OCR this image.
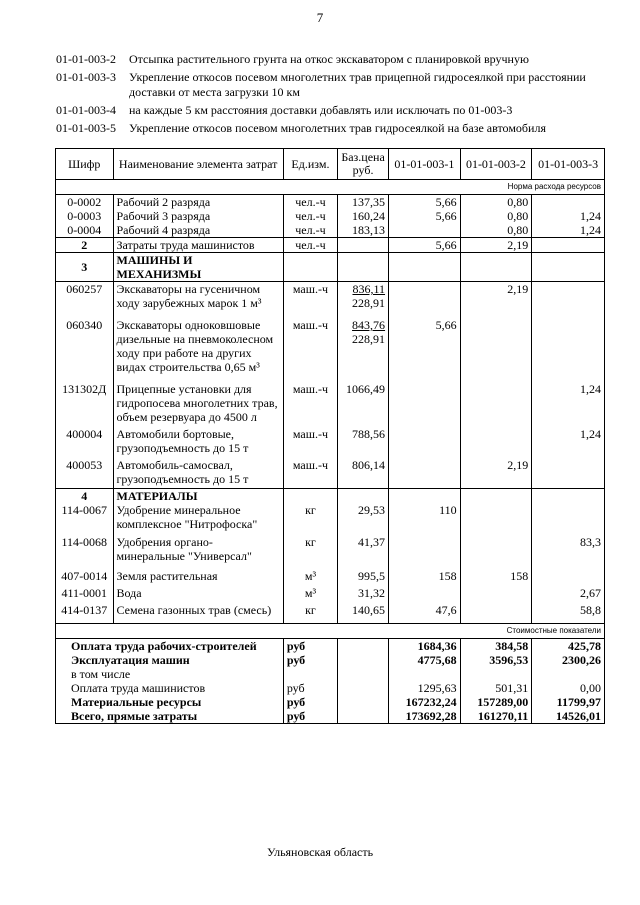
7
01-01-003-2	Отсыпка растительного грунта на откос экскаватором с планировкой вручную
01-01-003-3	Укрепление откосов посевом многолетних трав прицепной гидросеялкой при расстоянии доставки от места загрузки 10 км
01-01-003-4	на каждые 5 км расстояния доставки добавлять или исключать по 01-003-3
01-01-003-5	Укрепление откосов посевом многолетних трав гидросеялкой на базе автомобиля
Шифр	Наименование элемента затрат	Ед.изм.	Баз.цена руб.	01-01-003-1	01-01-003-2	01-01-003-3
Норма расхода ресурсов						
0-0002	Рабочий 2 разряда	чел.-ч	137,35	5,66	0,80	
0-0003	Рабочий 3 разряда	чел.-ч	160,24	5,66	0,80	1,24
0-0004	Рабочий 4 разряда	чел.-ч	183,13		0,80	1,24
2	Затраты труда машинистов	чел.-ч		5,66	2,19	
3	МАШИНЫ И МЕХАНИЗМЫ					
060257	Экскаваторы на гусеничном ходу зарубежных марок 1 м³	маш.-ч	836,11
228,91		2,19	
060340	Экскаваторы одноковшовые дизельные на пневмоколесном ходу при работе на других видах строительства 0,65 м³	маш.-ч	843,76
228,91	5,66		
131302Д	Прицепные установки для гидропосева многолетних трав, объем резервуара до 4500 л	маш.-ч	1066,49			1,24
400004	Автомобили бортовые, грузоподъемность до 15 т	маш.-ч	788,56			1,24
400053	Автомобиль-самосвал, грузоподъемность до 15 т	маш.-ч	806,14		2,19	
4	МАТЕРИАЛЫ					
114-0067	Удобрение минеральное комплексное "Нитрофоска"	кг	29,53	110		
114-0068	Удобрения органо-минеральные "Универсал"	кг	41,37			83,3
407-0014	Земля растительная	м³	995,5	158	158	
411-0001	Вода	м³	31,32			2,67
414-0137	Семена газонных трав (смесь)	кг	140,65	47,6		58,8
Стоимостные показатели						
Оплата труда рабочих-строителей		руб		1684,36	384,58	425,78
Эксплуатация машин		руб		4775,68	3596,53	2300,26
в том числе						
Оплата труда машинистов		руб		1295,63	501,31	0,00
Материальные ресурсы		руб		167232,24	157289,00	11799,97
Всего, прямые затраты		руб		173692,28	161270,11	14526,01
Ульяновская область
